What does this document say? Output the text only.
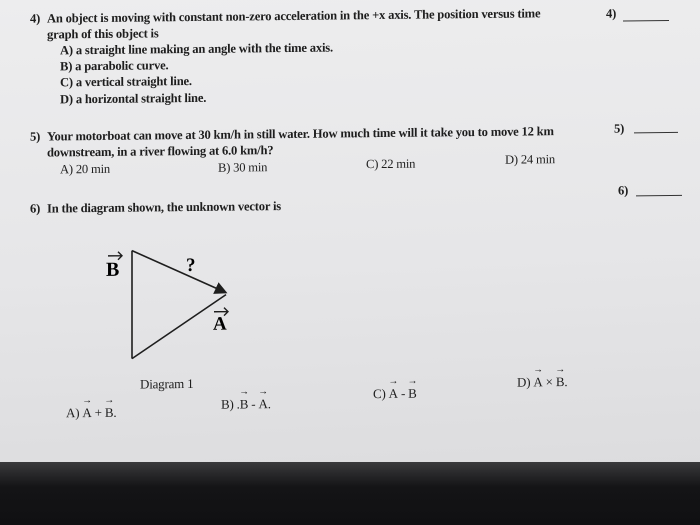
4) An object is moving with constant non-zero acceleration in the +x axis. The position versus time
graph of this object is
A) a straight line making an angle with the time axis.
B) a parabolic curve.
C) a vertical straight line.
D) a horizontal straight line.
4)
5) Your motorboat can move at 30 km/h in still water. How much time will it take you to move 12 km
downstream, in a river flowing at 6.0 km/h?
A) 20 min	B) 30 min	C) 22 min	D) 24 min
5)
6) In the diagram shown, the unknown vector is
6)
B	?
A
Diagram 1
A) → A + → B.
B) .→ B - → A.
C) → A - → B
D) → A × → B.
